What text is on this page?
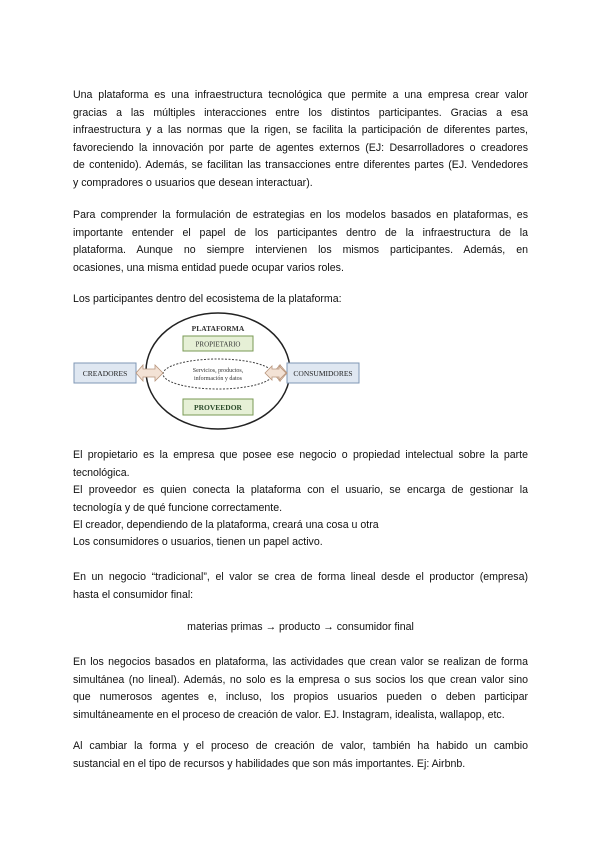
Una plataforma es una infraestructura tecnológica que permite a una empresa crear valor
gracias a las múltiples interacciones entre los distintos participantes. Gracias a esa
infraestructura y a las normas que la rigen, se facilita la participación de diferentes partes,
favoreciendo la innovación por parte de agentes externos (EJ: Desarrolladores o creadores
de contenido). Además, se facilitan las transacciones entre diferentes partes (EJ. Vendedores
y compradores o usuarios que desean interactuar).
Para comprender la formulación de estrategias en los modelos basados en plataformas, es
importante entender el papel de los participantes dentro de la infraestructura de la
plataforma. Aunque no siempre intervienen los mismos participantes. Además, en
ocasiones, una misma entidad puede ocupar varios roles.
Los participantes dentro del ecosistema de la plataforma:
PLATAFORMA
PROPIETARIO
Servicios, productos,
información y datos
PROVEEDOR
CREADORES	CONSUMIDORES
El propietario es la empresa que posee ese negocio o propiedad intelectual sobre la parte
tecnológica.
El proveedor es quien conecta la plataforma con el usuario, se encarga de gestionar la
tecnología y de qué funcione correctamente.
El creador, dependiendo de la plataforma, creará una cosa u otra
Los consumidores o usuarios, tienen un papel activo.
En un negocio “tradicional”, el valor se crea de forma lineal desde el productor (empresa)
hasta el consumidor final:
materias primas → producto → consumidor final
En los negocios basados en plataforma, las actividades que crean valor se realizan de forma
simultánea (no lineal). Además, no solo es la empresa o sus socios los que crean valor sino
que numerosos agentes e, incluso, los propios usuarios pueden o deben participar
simultáneamente en el proceso de creación de valor. EJ. Instagram, idealista, wallapop, etc.
Al cambiar la forma y el proceso de creación de valor, también ha habido un cambio
sustancial en el tipo de recursos y habilidades que son más importantes. Ej: Airbnb.
